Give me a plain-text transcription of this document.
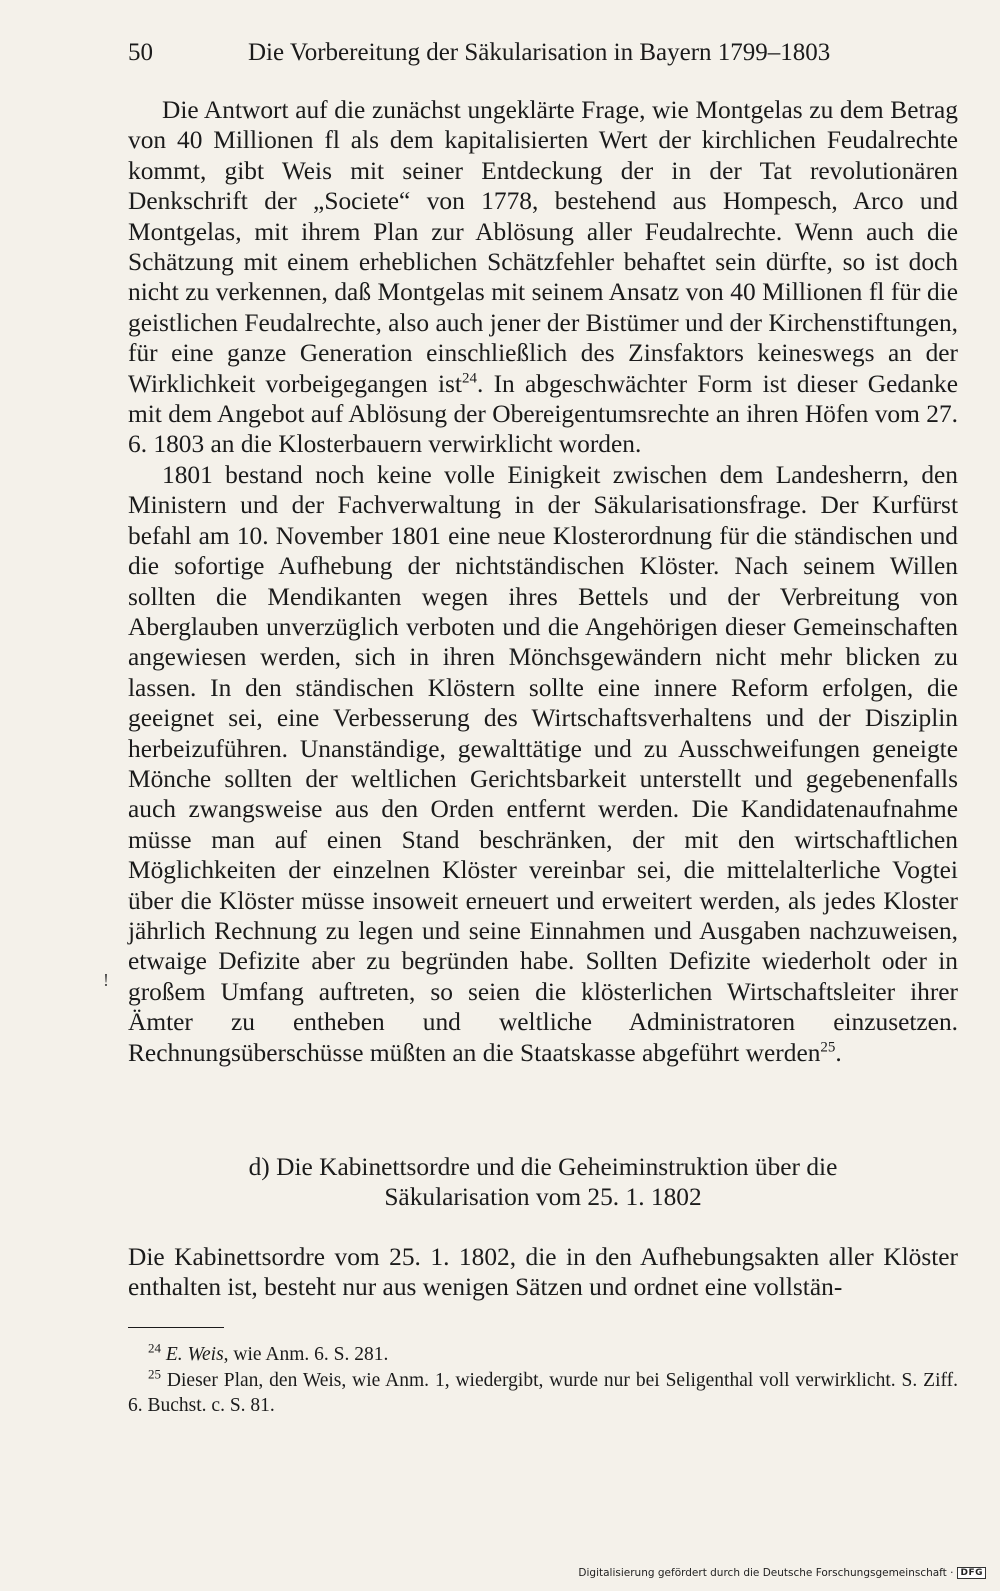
50	Die Vorbereitung der Säkularisation in Bayern 1799–1803

Die Antwort auf die zunächst ungeklärte Frage, wie Montgelas zu dem Betrag von 40 Millionen fl als dem kapitalisierten Wert der kirchlichen Feudalrechte kommt, gibt Weis mit seiner Entdeckung der in der Tat revolutionären Denkschrift der „Societe“ von 1778, bestehend aus Hompesch, Arco und Montgelas, mit ihrem Plan zur Ablösung aller Feudalrechte. Wenn auch die Schätzung mit einem erheblichen Schätzfehler behaftet sein dürfte, so ist doch nicht zu verkennen, daß Montgelas mit seinem Ansatz von 40 Millionen fl für die geistlichen Feudalrechte, also auch jener der Bistümer und der Kirchenstiftungen, für eine ganze Generation einschließlich des Zinsfaktors keineswegs an der Wirklichkeit vorbeigegangen ist$^{24}$. In abgeschwächter Form ist dieser Gedanke mit dem Angebot auf Ablösung der Obereigentumsrechte an ihren Höfen vom 27. 6. 1803 an die Klosterbauern verwirklicht worden.

1801 bestand noch keine volle Einigkeit zwischen dem Landesherrn, den Ministern und der Fachverwaltung in der Säkularisationsfrage. Der Kurfürst befahl am 10. November 1801 eine neue Klosterordnung für die ständischen und die sofortige Aufhebung der nichtständischen Klöster. Nach seinem Willen sollten die Mendikanten wegen ihres Bettels und der Verbreitung von Aberglauben unverzüglich verboten und die Angehörigen dieser Gemeinschaften angewiesen werden, sich in ihren Mönchsgewändern nicht mehr blicken zu lassen. In den ständischen Klöstern sollte eine innere Reform erfolgen, die geeignet sei, eine Verbesserung des Wirtschaftsverhaltens und der Disziplin herbeizuführen. Unanständige, gewalttätige und zu Ausschweifungen geneigte Mönche sollten der weltlichen Gerichtsbarkeit unterstellt und gegebenenfalls auch zwangsweise aus den Orden entfernt werden. Die Kandidatenaufnahme müsse man auf einen Stand beschränken, der mit den wirtschaftlichen Möglichkeiten der einzelnen Klöster vereinbar sei, die mittelalterliche Vogtei über die Klöster müsse insoweit erneuert und erweitert werden, als jedes Kloster jährlich Rechnung zu legen und seine Einnahmen und Ausgaben nachzuweisen, etwaige Defizite aber zu begründen habe. Sollten Defizite wiederholt oder in großem Umfang auftreten, so seien die klösterlichen Wirtschaftsleiter ihrer Ämter zu entheben und weltliche Administratoren einzusetzen. Rechnungsüberschüsse müßten an die Staatskasse abgeführt werden$^{25}$.

!
d) Die Kabinettsordre und die Geheiminstruktion über die
Säkularisation vom 25. 1. 1802

Die Kabinettsordre vom 25. 1. 1802, die in den Aufhebungsakten aller Klöster enthalten ist, besteht nur aus wenigen Sätzen und ordnet eine vollstän-

$^{24}$ E. Weis, wie Anm. 6. S. 281.

$^{25}$ Dieser Plan, den Weis, wie Anm. 1, wiedergibt, wurde nur bei Seligenthal voll verwirklicht. S. Ziff. 6. Buchst. c. S. 81.

Digitalisierung gefördert durch die Deutsche Forschungsgemeinschaft · DFG
